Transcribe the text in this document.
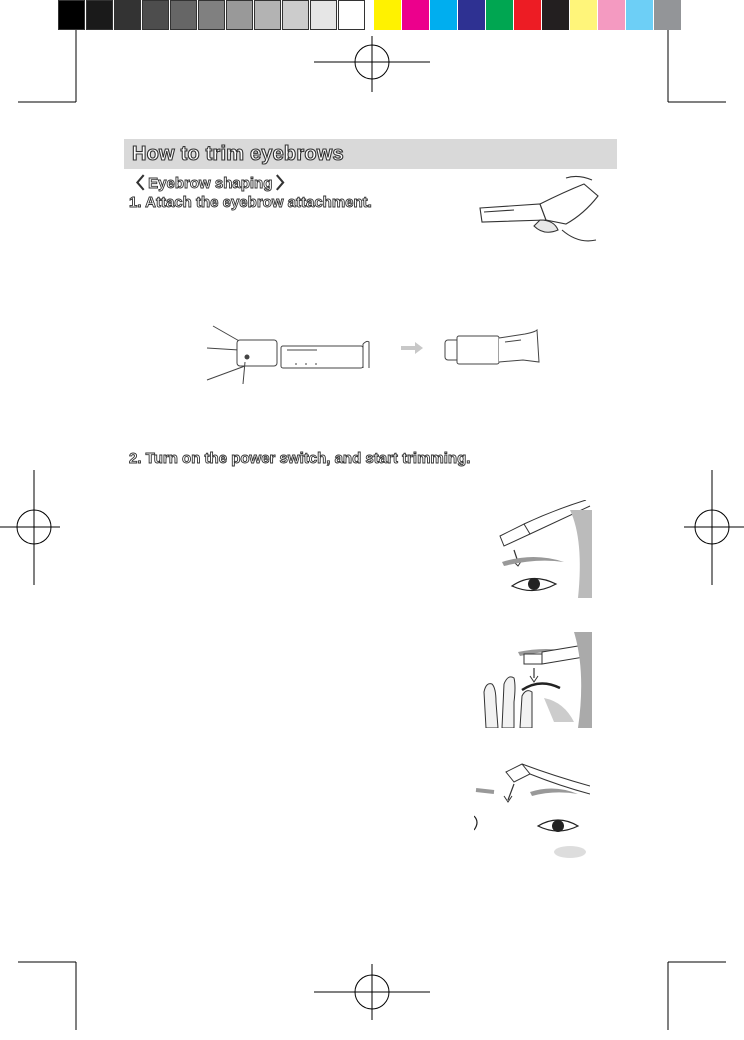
How to trim eyebrows
〈 Eyebrow shaping 〉
1. Attach the eyebrow attachment.
2. Turn on the power switch, and start trimming.
